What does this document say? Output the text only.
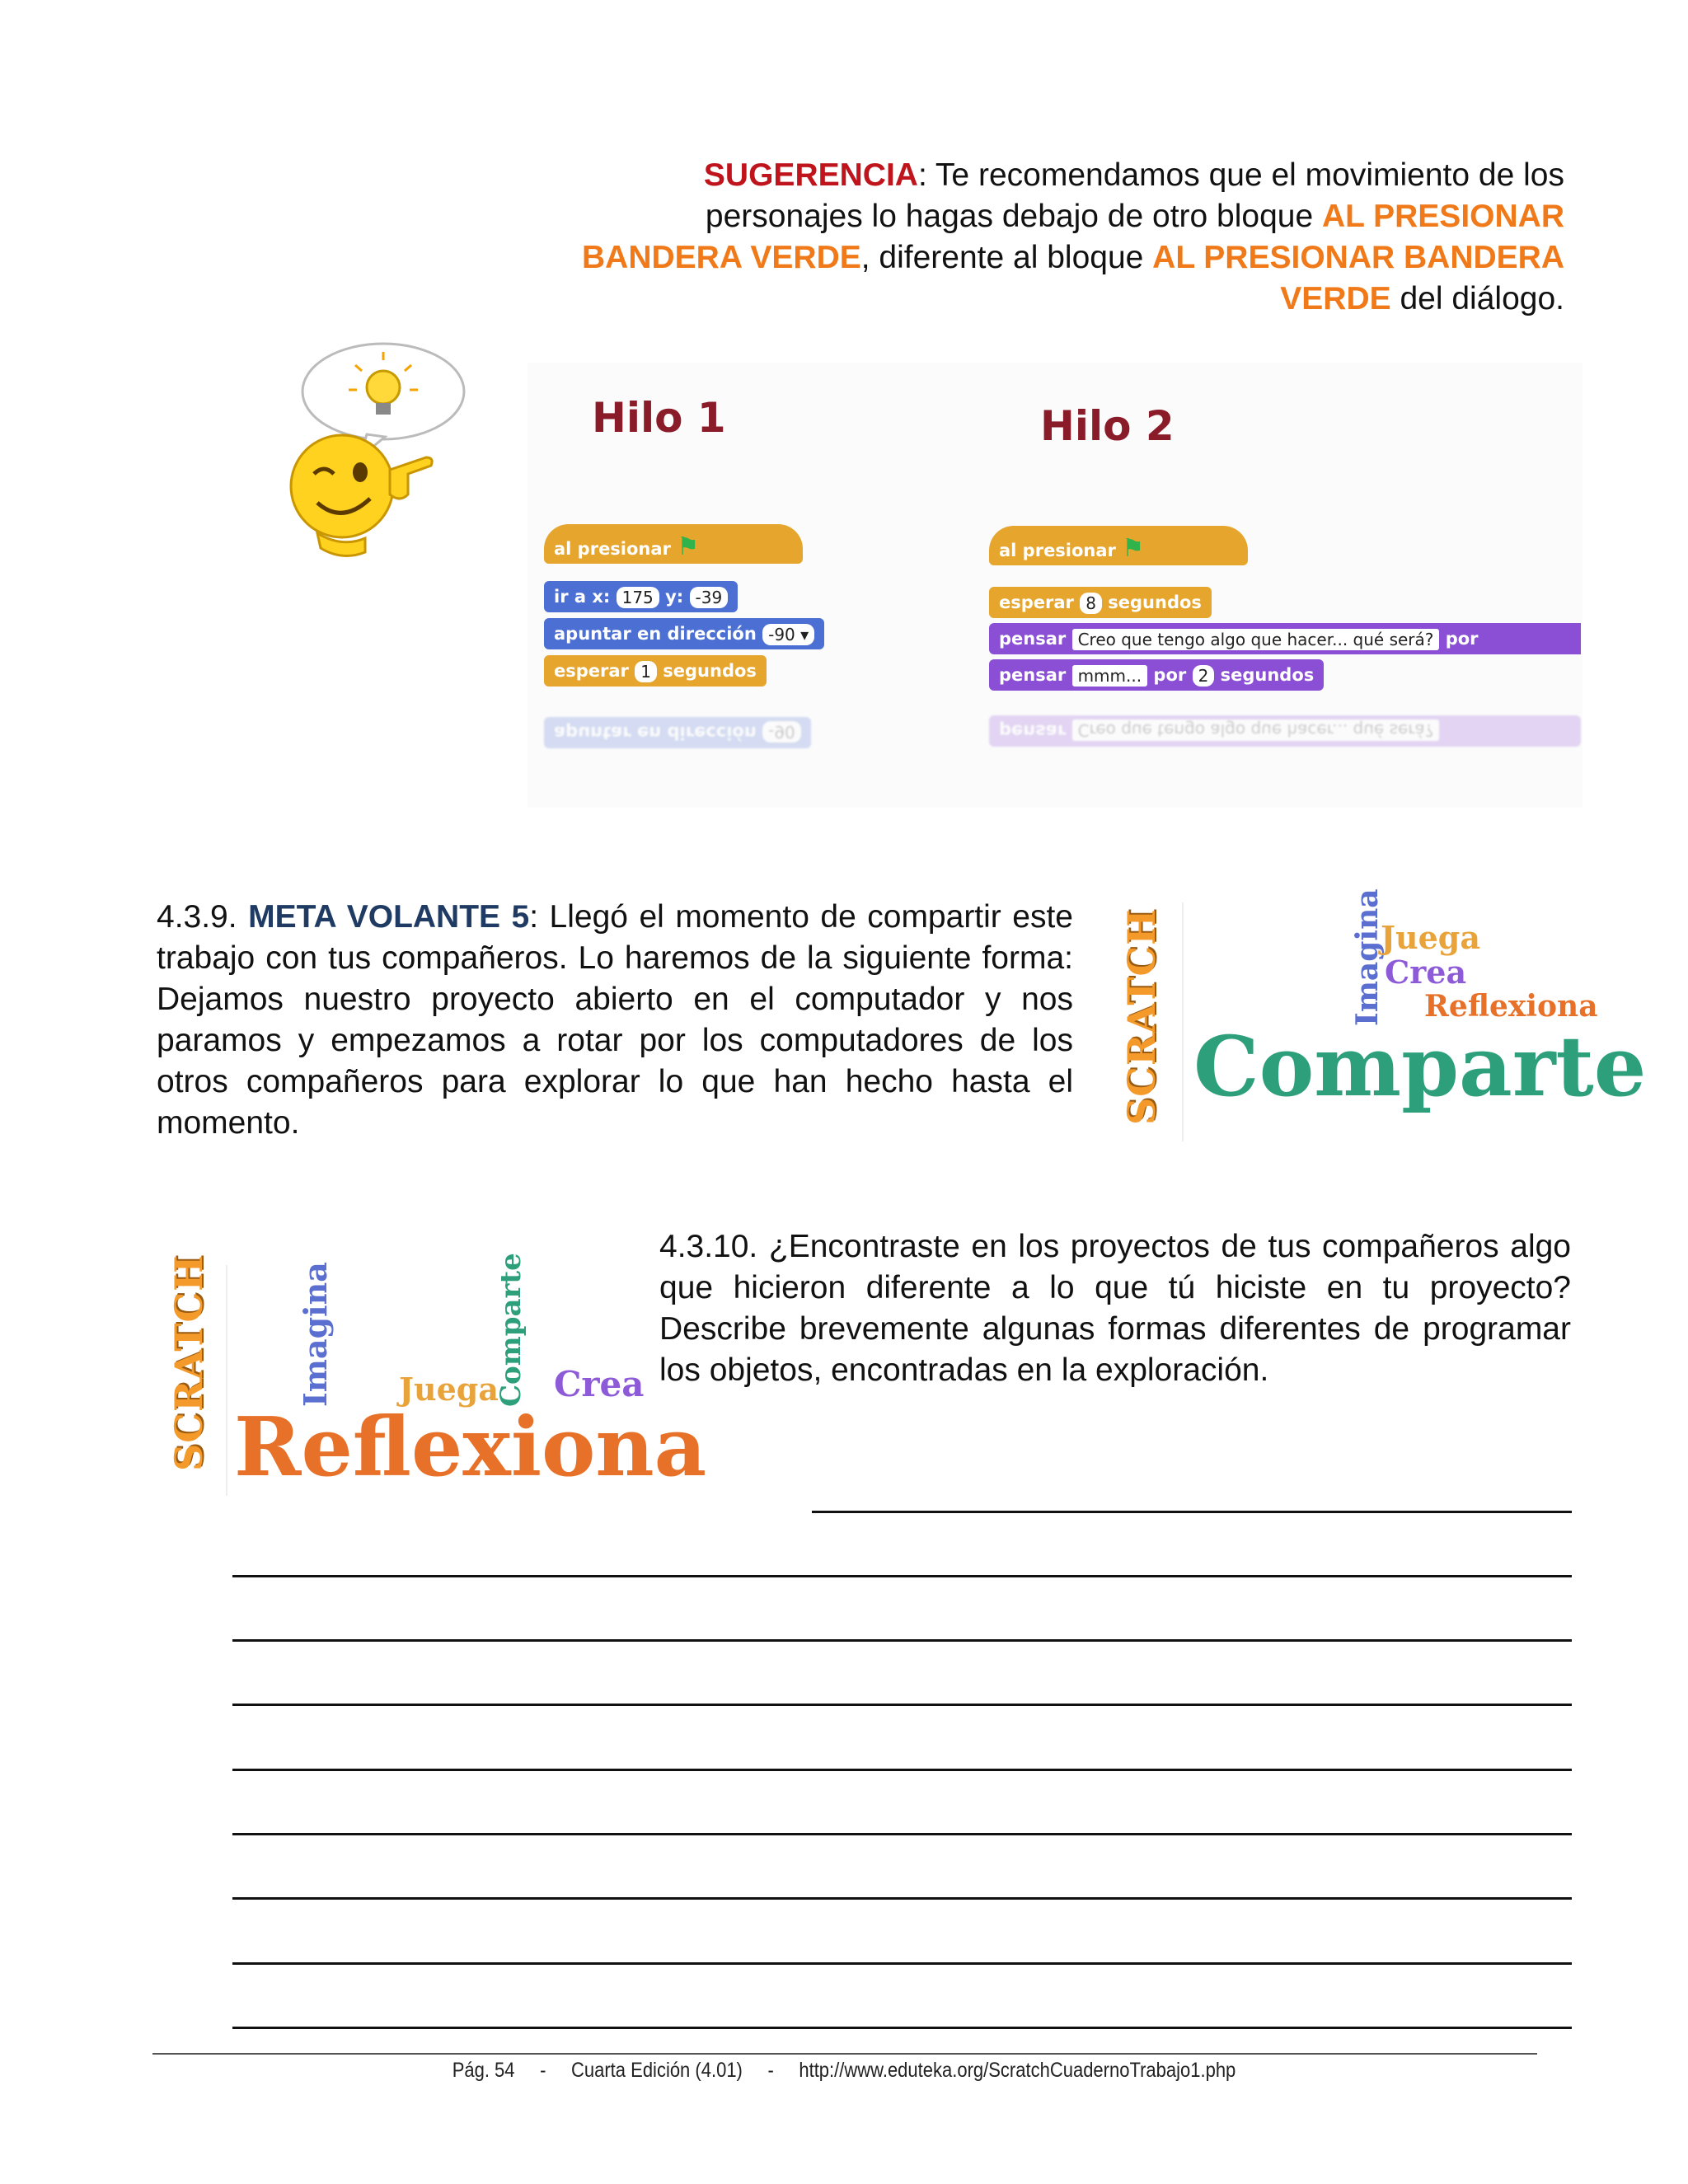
SUGERENCIA: Te recomendamos que el movimiento de los personajes lo hagas debajo de otro bloque AL PRESIONAR BANDERA VERDE, diferente al bloque AL PRESIONAR BANDERA VERDE del diálogo.
Hilo 1
al presionar ⚑
ir a x: 175 y: -39
apuntar en dirección -90 ▾
esperar 1 segundos
apuntar en dirección -90
Hilo 2
al presionar ⚑
esperar 8 segundos
pensar Creo que tengo algo que hacer... qué será? por
pensar mmm... por 2 segundos
pensar Creo que tengo algo que hacer... qué será?
4.3.9. META VOLANTE 5: Llegó el momento de compartir este trabajo con tus compañeros. Lo haremos de la siguiente forma: Dejamos nuestro proyecto abierto en el computador y nos paramos y empezamos a rotar por los computadores de los otros compañeros para explorar lo que han hecho hasta el momento.	SCRATCH	Imagina
Juega
Crea
Reflexiona
Comparte
SCRATCH	Imagina Juega
Comparte Crea
Reflexiona
4.3.10. ¿Encontraste en los proyectos de tus compañeros algo que hicieron diferente a lo que tú hiciste en tu proyecto? Describe brevemente algunas formas diferentes de programar los objetos, encontradas en la exploración.
Pág. 54 - Cuarta Edición (4.01) - http://www.eduteka.org/ScratchCuadernoTrabajo1.php
